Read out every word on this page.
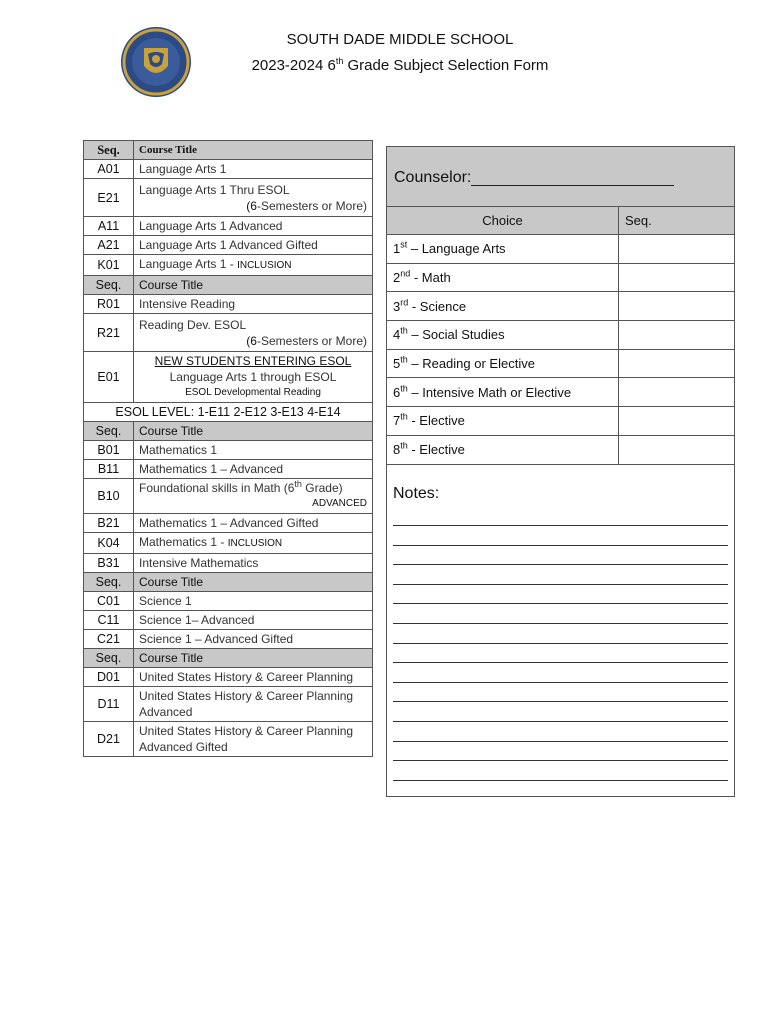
SOUTH DADE MIDDLE SCHOOL
2023-2024 6th Grade Subject Selection Form
Seq.	Course Title
A01	Language Arts 1
E21	Language Arts 1 Thru ESOL
(6-Semesters or More)

A11	Language Arts 1 Advanced
A21	Language Arts 1 Advanced Gifted
K01	Language Arts 1 - INCLUSION
Seq.	Course Title
R01	Intensive Reading
R21	Reading Dev. ESOL
(6-Semesters or More)

E01	NEW STUDENTS ENTERING ESOL
Language Arts 1 through ESOL
ESOL Developmental Reading

ESOL LEVEL: 1-E11 2-E12 3-E13 4-E14	
Seq.	Course Title
B01	Mathematics 1
B11	Mathematics 1 – Advanced
B10	Foundational skills in Math (6th Grade)
ADVANCED

B21	Mathematics 1 – Advanced Gifted
K04	Mathematics 1 - INCLUSION
B31	Intensive Mathematics
Seq.	Course Title
C01	Science 1
C11	Science 1– Advanced
C21	Science 1 – Advanced Gifted
Seq.	Course Title
D01	United States History & Career Planning
D11	United States History & Career Planning
Advanced

D21	United States History & Career Planning
Advanced Gifted
Counselor:
Choice	Seq.
1st – Language Arts	
2nd - Math	
3rd - Science	
4th – Social Studies	
5th – Reading or Elective	
6th – Intensive Math or Elective	
7th - Elective	
8th - Elective	
Notes:
